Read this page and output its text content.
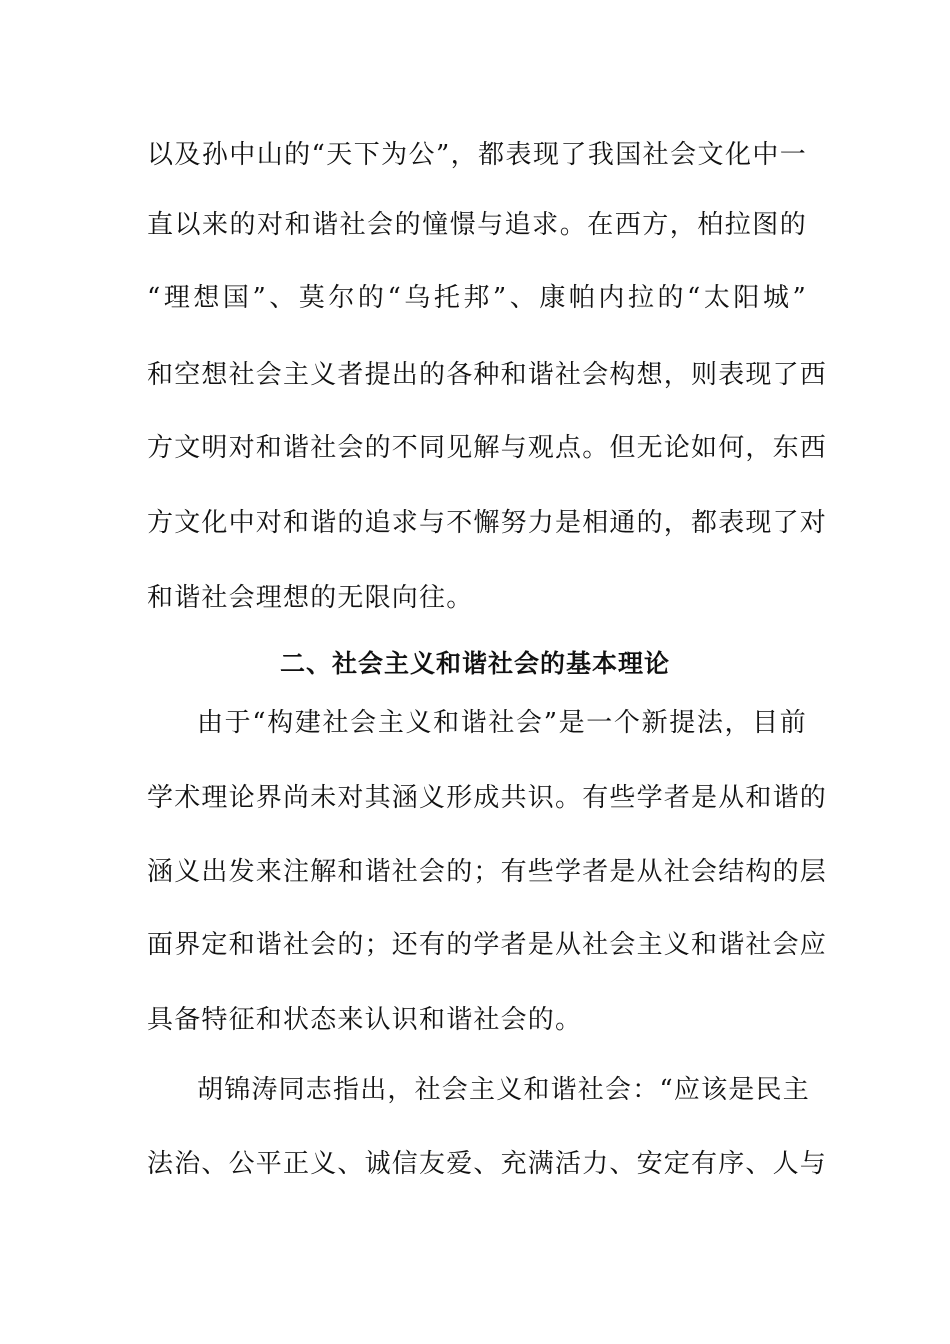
以及孙中山的“天下为公”，都表现了我国社会文化中一
直以来的对和谐社会的憧憬与追求。在西方，柏拉图的
“理想国”、莫尔的“乌托邦”、康帕内拉的“太阳城”
和空想社会主义者提出的各种和谐社会构想，则表现了西
方文明对和谐社会的不同见解与观点。但无论如何，东西
方文化中对和谐的追求与不懈努力是相通的，都表现了对
和谐社会理想的无限向往。
二、社会主义和谐社会的基本理论
由于“构建社会主义和谐社会”是一个新提法，目前
学术理论界尚未对其涵义形成共识。有些学者是从和谐的
涵义出发来注解和谐社会的；有些学者是从社会结构的层
面界定和谐社会的；还有的学者是从社会主义和谐社会应
具备特征和状态来认识和谐社会的。
胡锦涛同志指出，社会主义和谐社会：“应该是民主
法治、公平正义、诚信友爱、充满活力、安定有序、人与
